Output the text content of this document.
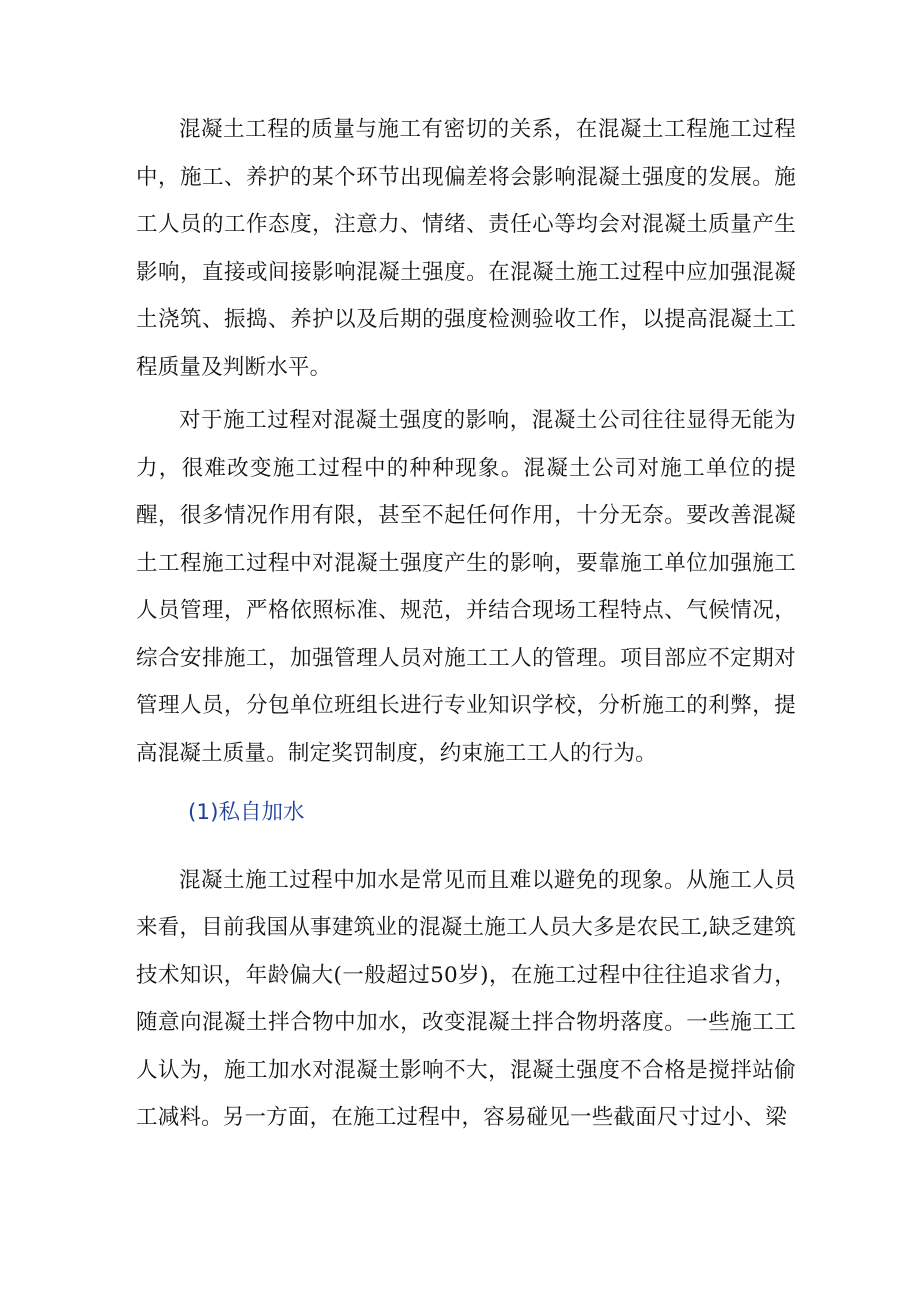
混凝土工程的质量与施工有密切的关系，在混凝土工程施工过程中，施工、养护的某个环节出现偏差将会影响混凝土强度的发展。施工人员的工作态度，注意力、情绪、责任心等均会对混凝土质量产生影响，直接或间接影响混凝土强度。在混凝土施工过程中应加强混凝土浇筑、振捣、养护以及后期的强度检测验收工作，以提高混凝土工程质量及判断水平。

对于施工过程对混凝土强度的影响，混凝土公司往往显得无能为力，很难改变施工过程中的种种现象。混凝土公司对施工单位的提醒，很多情况作用有限，甚至不起任何作用，十分无奈。要改善混凝土工程施工过程中对混凝土强度产生的影响，要靠施工单位加强施工人员管理，严格依照标准、规范，并结合现场工程特点、气候情况，综合安排施工，加强管理人员对施工工人的管理。项目部应不定期对管理人员，分包单位班组长进行专业知识学校，分析施工的利弊，提高混凝土质量。制定奖罚制度，约束施工工人的行为。

(1)私自加水

混凝土施工过程中加水是常见而且难以避免的现象。从施工人员来看，目前我国从事建筑业的混凝土施工人员大多是农民工,缺乏建筑技术知识，年龄偏大(一般超过50岁)，在施工过程中往往追求省力，随意向混凝土拌合物中加水，改变混凝土拌合物坍落度。一些施工工人认为，施工加水对混凝土影响不大，混凝土强度不合格是搅拌站偷工减料。另一方面，在施工过程中，容易碰见一些截面尺寸过小、梁
